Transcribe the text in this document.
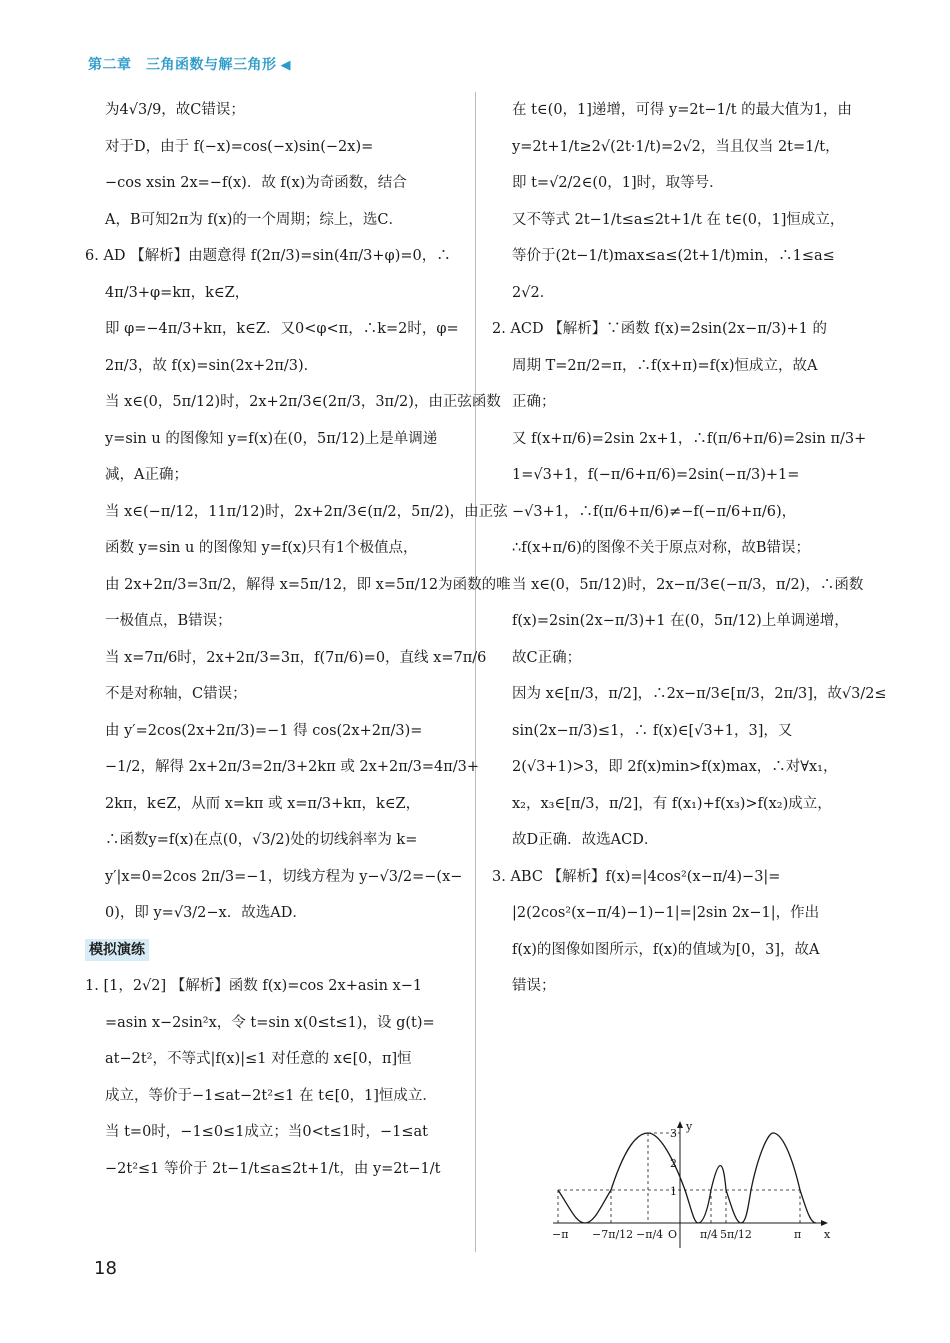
第二章　三角函数与解三角形 ◀

为4√3/9，故C错误；

对于D，由于 f(−x)=cos(−x)sin(−2x)=

−cos xsin 2x=−f(x)．故 f(x)为奇函数，结合

A，B可知2π为 f(x)的一个周期；综上，选C．

6. AD 【解析】由题意得 f(2π/3)=sin(4π/3+φ)=0，∴

4π/3+φ=kπ，k∈Z，

即 φ=−4π/3+kπ，k∈Z．又0<φ<π，∴k=2时，φ=

2π/3，故 f(x)=sin(2x+2π/3)．

当 x∈(0，5π/12)时，2x+2π/3∈(2π/3，3π/2)，由正弦函数

y=sin u 的图像知 y=f(x)在(0，5π/12)上是单调递

减，A正确；

当 x∈(−π/12，11π/12)时，2x+2π/3∈(π/2，5π/2)，由正弦

函数 y=sin u 的图像知 y=f(x)只有1个极值点，

由 2x+2π/3=3π/2，解得 x=5π/12，即 x=5π/12为函数的唯

一极值点，B错误；

当 x=7π/6时，2x+2π/3=3π，f(7π/6)=0，直线 x=7π/6

不是对称轴，C错误；

由 y′=2cos(2x+2π/3)=−1 得 cos(2x+2π/3)=

−1/2，解得 2x+2π/3=2π/3+2kπ 或 2x+2π/3=4π/3+

2kπ，k∈Z，从而 x=kπ 或 x=π/3+kπ，k∈Z，

∴函数y=f(x)在点(0，√3/2)处的切线斜率为 k=

y′|x=0=2cos 2π/3=−1，切线方程为 y−√3/2=−(x−

0)，即 y=√3/2−x．故选AD．

模拟演练

1. [1，2√2] 【解析】函数 f(x)=cos 2x+asin x−1

=asin x−2sin²x，令 t=sin x(0≤t≤1)，设 g(t)=

at−2t²，不等式|f(x)|≤1 对任意的 x∈[0，π]恒

成立，等价于−1≤at−2t²≤1 在 t∈[0，1]恒成立．

当 t=0时，−1≤0≤1成立；当0<t≤1时，−1≤at

−2t²≤1 等价于 2t−1/t≤a≤2t+1/t，由 y=2t−1/t

在 t∈(0，1]递增，可得 y=2t−1/t 的最大值为1，由

y=2t+1/t≥2√(2t·1/t)=2√2，当且仅当 2t=1/t，

即 t=√2/2∈(0，1]时，取等号．

又不等式 2t−1/t≤a≤2t+1/t 在 t∈(0，1]恒成立，

等价于(2t−1/t)max≤a≤(2t+1/t)min，∴1≤a≤

2√2．

2. ACD 【解析】∵函数 f(x)=2sin(2x−π/3)+1 的

周期 T=2π/2=π，∴f(x+π)=f(x)恒成立，故A

正确；

又 f(x+π/6)=2sin 2x+1，∴f(π/6+π/6)=2sin π/3+

1=√3+1，f(−π/6+π/6)=2sin(−π/3)+1=

−√3+1，∴f(π/6+π/6)≠−f(−π/6+π/6)，

∴f(x+π/6)的图像不关于原点对称，故B错误；

当 x∈(0，5π/12)时，2x−π/3∈(−π/3，π/2)，∴函数

f(x)=2sin(2x−π/3)+1 在(0，5π/12)上单调递增，

故C正确；

因为 x∈[π/3，π/2]，∴2x−π/3∈[π/3，2π/3]，故√3/2≤

sin(2x−π/3)≤1，∴ f(x)∈[√3+1，3]，又

2(√3+1)>3，即 2f(x)min>f(x)max，∴对∀x₁，

x₂，x₃∈[π/3，π/2]，有 f(x₁)+f(x₃)>f(x₂)成立，

故D正确．故选ACD．

3. ABC 【解析】f(x)=|4cos²(x−π/4)−3|=

|2(2cos²(x−π/4)−1)−1|=|2sin 2x−1|，作出

f(x)的图像如图所示，f(x)的值域为[0，3]，故A

错误；

y
x
O
3
2
1
−π −7π/12 −π/4	π/4 5π/12	π
18
